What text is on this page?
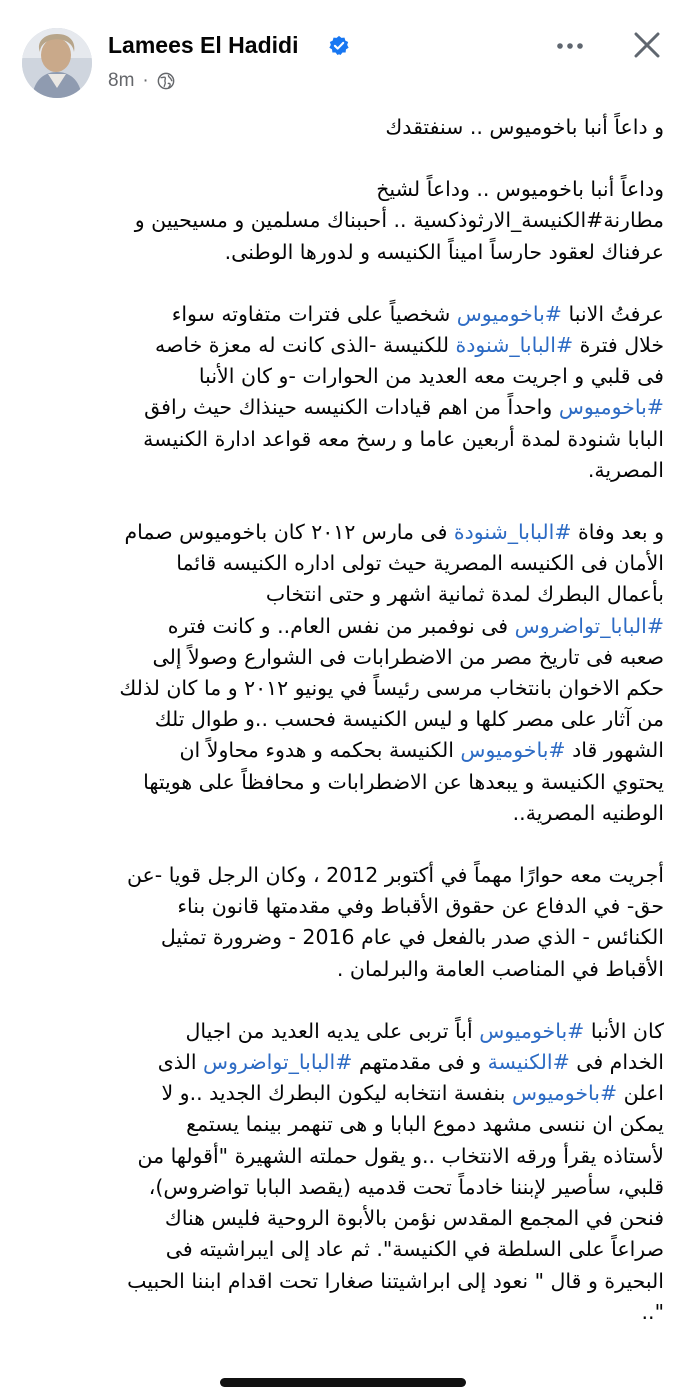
Lamees El Hadidi
8m ·
و داعاً أنبا باخوميوس .. سنفتقدك
وداعاً أنبا باخوميوس .. وداعاً لشيخ
مطارنة#الكنيسة_الارثوذكسية .. أحببناك مسلمين و مسيحيين و
عرفناك لعقود حارساً اميناً الكنيسه و لدورها الوطنى.
عرفتُ الانبا #باخوميوس شخصياً على فترات متفاوته سواء
خلال فترة #البابا_شنودة للكنيسة -الذى كانت له معزة خاصه
فى قلبي و اجريت معه العديد من الحوارات -و كان الأنبا
#باخوميوس واحداً من اهم قيادات الكنيسه حينذاك حيث رافق
البابا شنودة لمدة أربعين عاما و رسخ معه قواعد ادارة الكنيسة
المصرية.
و بعد وفاة #البابا_شنودة فى مارس ٢٠١٢ كان باخوميوس صمام
الأمان فى الكنيسه المصرية حيث تولى اداره الكنيسه قائما
بأعمال البطرك لمدة ثمانية اشهر و حتى انتخاب
#البابا_تواضروس فى نوفمبر من نفس العام.. و كانت فتره
صعبه فى تاريخ مصر من الاضطرابات فى الشوارع وصولاً إلى
حكم الاخوان بانتخاب مرسى رئيساً في يونيو ٢٠١٢ و ما كان لذلك
من آثار على مصر كلها و ليس الكنيسة فحسب ..و طوال تلك
الشهور قاد #باخوميوس الكنيسة بحكمه و هدوء محاولاً ان
يحتوي الكنيسة و يبعدها عن الاضطرابات و محافظاً على هويتها
الوطنيه المصرية..
أجريت معه حوارًا مهماً في أكتوبر 2012 ، وكان الرجل قويا -عن
حق- في الدفاع عن حقوق الأقباط وفي مقدمتها قانون بناء
الكنائس - الذي صدر بالفعل في عام 2016 - وضرورة تمثيل
الأقباط في المناصب العامة والبرلمان .
كان الأنبا #باخوميوس أباً تربى على يديه العديد من اجيال
الخدام فى #الكنيسة و فى مقدمتهم #البابا_تواضروس الذى
اعلن #باخوميوس بنفسة انتخابه ليكون البطرك الجديد ..و لا
يمكن ان ننسى مشهد دموع البابا و هى تنهمر بينما يستمع
لأستاذه يقرأ ورقه الانتخاب ..و يقول حملته الشهيرة "أقولها من
قلبي، سأصير لإبننا خادماً تحت قدميه (يقصد البابا تواضروس)،
فنحن في المجمع المقدس نؤمن بالأبوة الروحية فليس هناك
صراعاً على السلطة في الكنيسة". ثم عاد إلى ايبراشيته فى
البحيرة و قال " نعود إلى ابراشيتنا صغارا تحت اقدام ابننا الحبيب
"..
